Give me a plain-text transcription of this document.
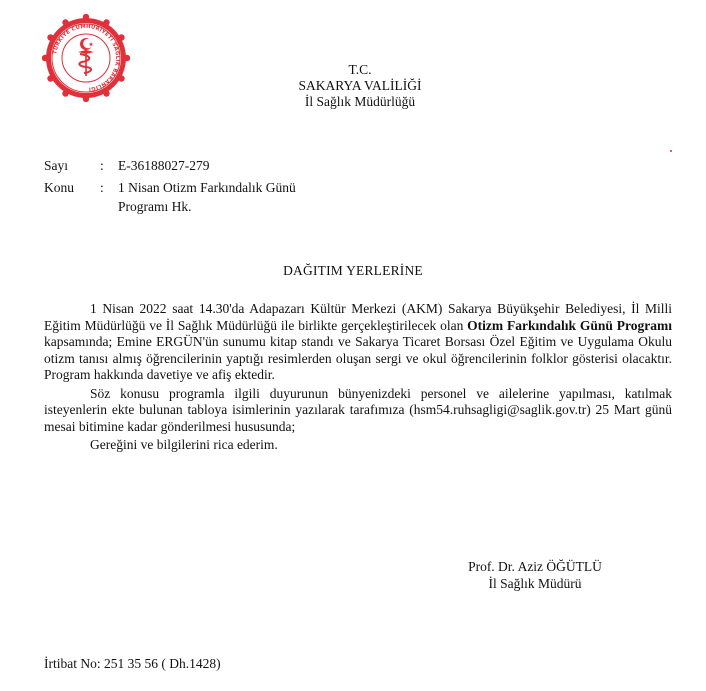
TÜRKİYE CUMHURİYETİ SAĞLIK BAKANLIĞI
T.C.
SAKARYA VALİLİĞİ
İl Sağlık Müdürlüğü
Sayı : E-36188027-279
Konu : 1 Nisan Otizm Farkındalık Günü
Programı Hk.
DAĞITIM YERLERİNE

1 Nisan 2022 saat 14.30'da Adapazarı Kültür Merkezi (AKM) Sakarya Büyükşehir Belediyesi, İl Milli Eğitim Müdürlüğü ve İl Sağlık Müdürlüğü ile birlikte gerçekleştirilecek olan Otizm Farkındalık Günü Programı kapsamında; Emine ERGÜN'ün sunumu kitap standı ve Sakarya Ticaret Borsası Özel Eğitim ve Uygulama Okulu otizm tanısı almış öğrencilerinin yaptığı resimlerden oluşan sergi ve okul öğrencilerinin folklor gösterisi olacaktır. Program hakkında davetiye ve afiş ektedir.

Söz konusu programla ilgili duyurunun bünyenizdeki personel ve ailelerine yapılması, katılmak isteyenlerin ekte bulunan tabloya isimlerinin yazılarak tarafımıza (hsm54.ruhsagligi@saglik.gov.tr) 25 Mart günü mesai bitimine kadar gönderilmesi hususunda;

Gereğini ve bilgilerini rica ederim.

Prof. Dr. Aziz ÖĞÜTLÜ
İl Sağlık Müdürü
İrtibat No: 251 35 56 ( Dh.1428)
